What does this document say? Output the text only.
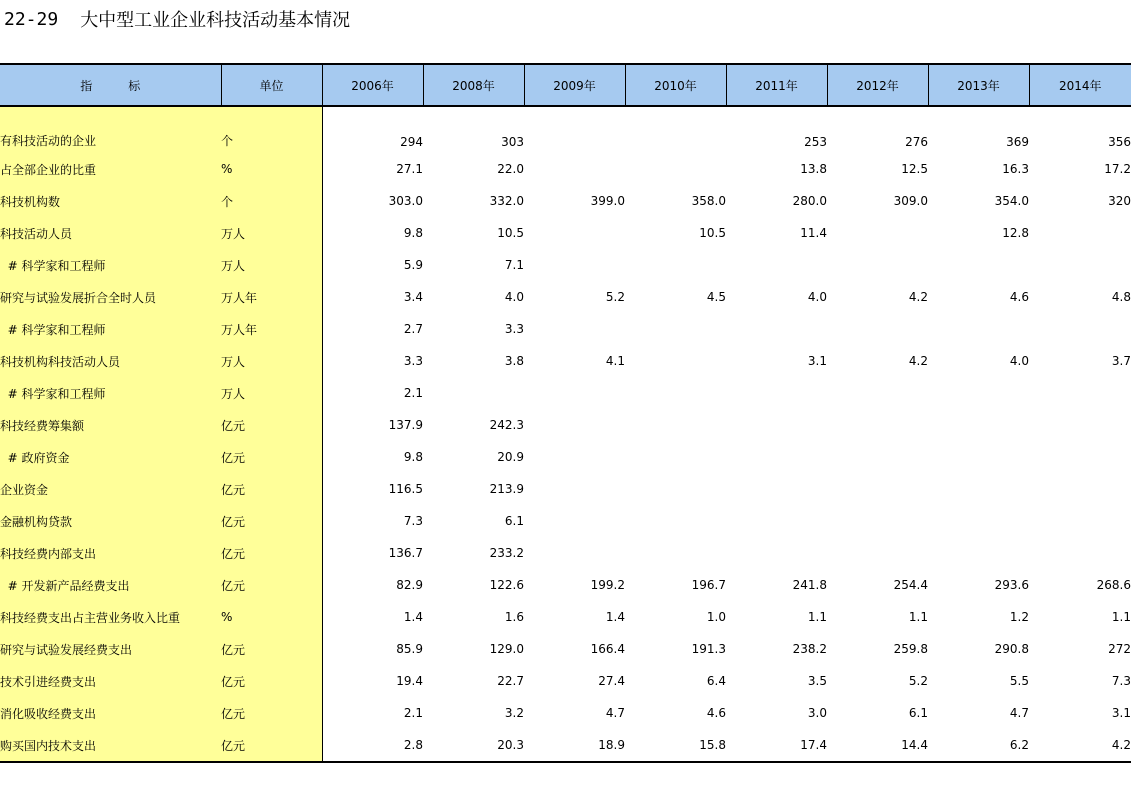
22-29 大中型工业企业科技活动基本情况
指 标	单位	2006年	2008年	2009年	2010年	2011年	2012年	2013年	2014年
有科技活动的企业	个	294	303			253	276	369	356
占全部企业的比重	%	27.1	22.0			13.8	12.5	16.3	17.2
科技机构数	个	303.0	332.0	399.0	358.0	280.0	309.0	354.0	320
科技活动人员	万人	9.8	10.5		10.5	11.4		12.8	
# 科学家和工程师	万人	5.9	7.1						
研究与试验发展折合全时人员	万人年	3.4	4.0	5.2	4.5	4.0	4.2	4.6	4.8
# 科学家和工程师	万人年	2.7	3.3						
科技机构科技活动人员	万人	3.3	3.8	4.1		3.1	4.2	4.0	3.7
# 科学家和工程师	万人	2.1							
科技经费筹集额	亿元	137.9	242.3						
# 政府资金	亿元	9.8	20.9						
企业资金	亿元	116.5	213.9						
金融机构贷款	亿元	7.3	6.1						
科技经费内部支出	亿元	136.7	233.2						
# 开发新产品经费支出	亿元	82.9	122.6	199.2	196.7	241.8	254.4	293.6	268.6
科技经费支出占主营业务收入比重	%	1.4	1.6	1.4	1.0	1.1	1.1	1.2	1.1
研究与试验发展经费支出	亿元	85.9	129.0	166.4	191.3	238.2	259.8	290.8	272
技术引进经费支出	亿元	19.4	22.7	27.4	6.4	3.5	5.2	5.5	7.3
消化吸收经费支出	亿元	2.1	3.2	4.7	4.6	3.0	6.1	4.7	3.1
购买国内技术支出	亿元	2.8	20.3	18.9	15.8	17.4	14.4	6.2	4.2
